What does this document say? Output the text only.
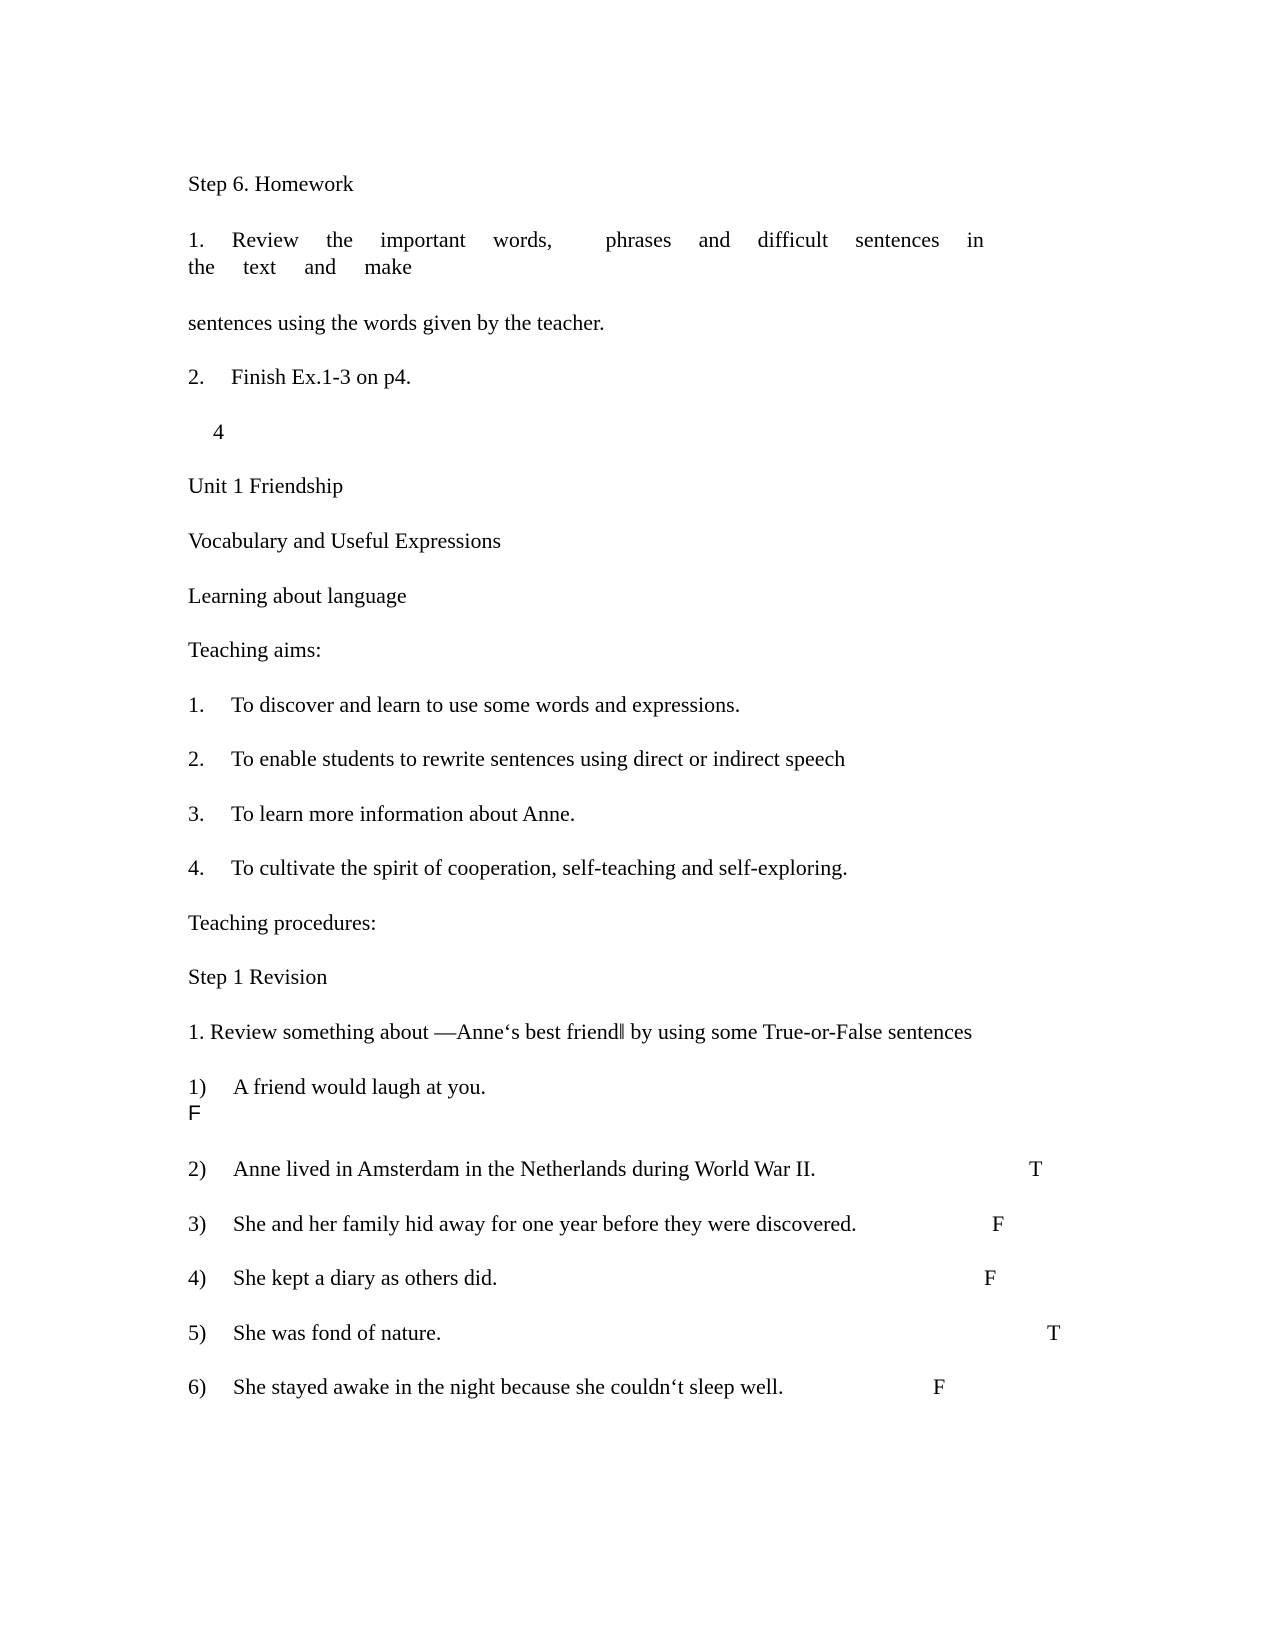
Step 6. Homework
1. Review the important words, phrases and difficult sentences in
the text and make
sentences using the words given by the teacher.
2. Finish Ex.1-3 on p4.
4
Unit 1 Friendship
Vocabulary and Useful Expressions
Learning about language
Teaching aims:
1. To discover and learn to use some words and expressions.
2. To enable students to rewrite sentences using direct or indirect speech
3. To learn more information about Anne.
4. To cultivate the spirit of cooperation, self-teaching and self-exploring.
Teaching procedures:
Step 1 Revision
1. Review something about ―Anne‘s best friend‖ by using some True-or-False sentences
1) A friend would laugh at you.
F
2) Anne lived in Amsterdam in the Netherlands during World War II.	T
3) She and her family hid away for one year before they were discovered.	F
4) She kept a diary as others did.	F
5) She was fond of nature.	T
6) She stayed awake in the night because she couldn‘t sleep well.	F
